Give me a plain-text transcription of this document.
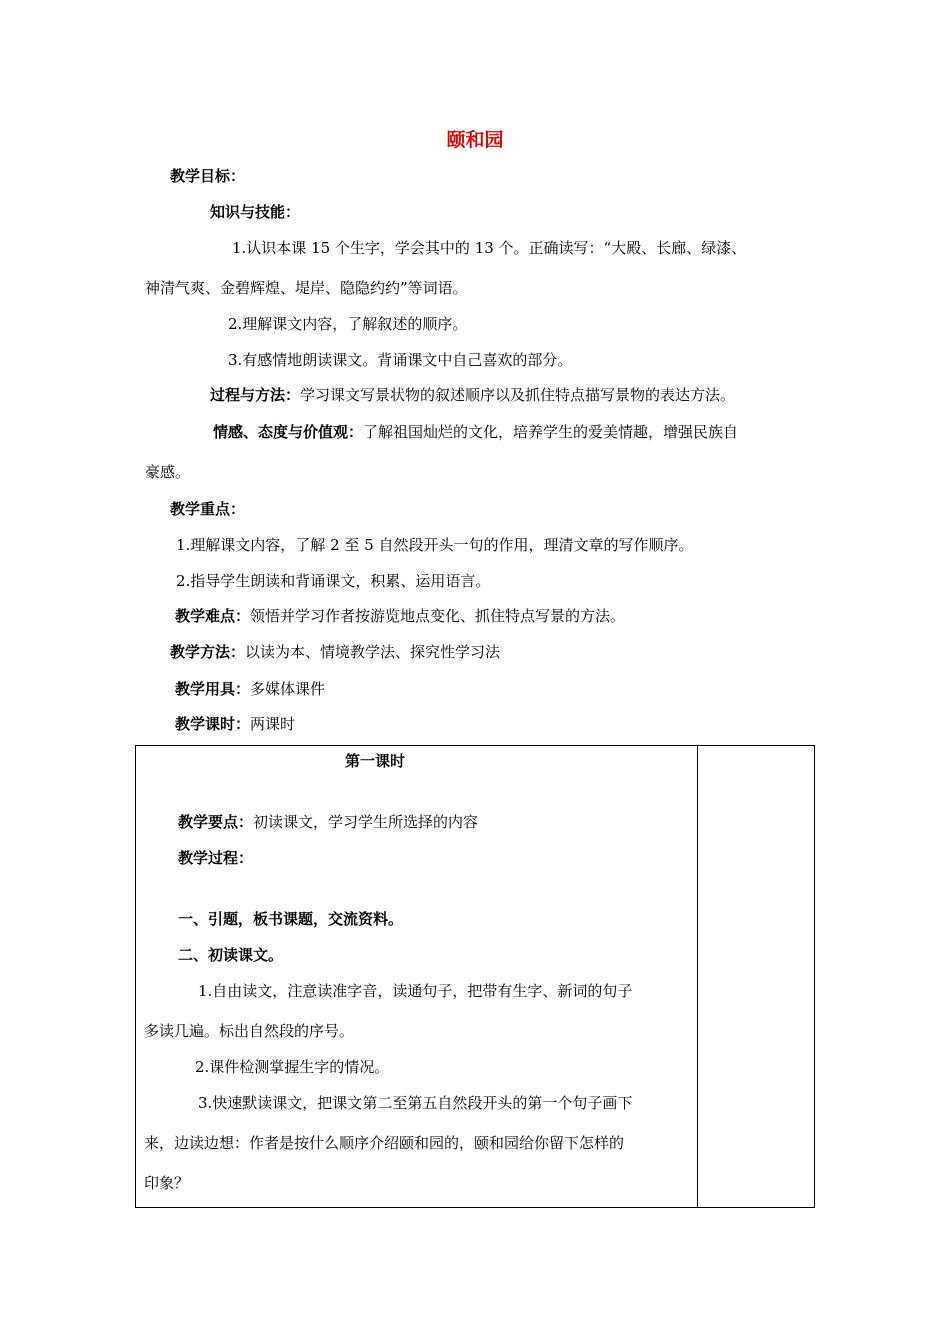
颐和园
教学目标：
知识与技能：
1.认识本课 15 个生字，学会其中的 13 个。正确读写：“大殿、长廊、绿漆、
神清气爽、金碧辉煌、堤岸、隐隐约约”等词语。
2.理解课文内容，了解叙述的顺序。
3.有感情地朗读课文。背诵课文中自己喜欢的部分。
过程与方法：学习课文写景状物的叙述顺序以及抓住特点描写景物的表达方法。
情感、态度与价值观：了解祖国灿烂的文化，培养学生的爱美情趣，增强民族自
豪感。
教学重点：
1.理解课文内容，了解 2 至 5 自然段开头一句的作用，理清文章的写作顺序。
2.指导学生朗读和背诵课文，积累、运用语言。
教学难点：领悟并学习作者按游览地点变化、抓住特点写景的方法。
教学方法：以读为本、情境教学法、探究性学习法
教学用具：多媒体课件
教学课时：两课时
第一课时
教学要点：初读课文，学习学生所选择的内容
教学过程：
一、引题，板书课题，交流资料。
二、初读课文。
1.自由读文，注意读准字音，读通句子，把带有生字、新词的句子
多读几遍。标出自然段的序号。
2.课件检测掌握生字的情况。
3.快速默读课文，把课文第二至第五自然段开头的第一个句子画下
来，边读边想：作者是按什么顺序介绍颐和园的，颐和园给你留下怎样的
印象？
